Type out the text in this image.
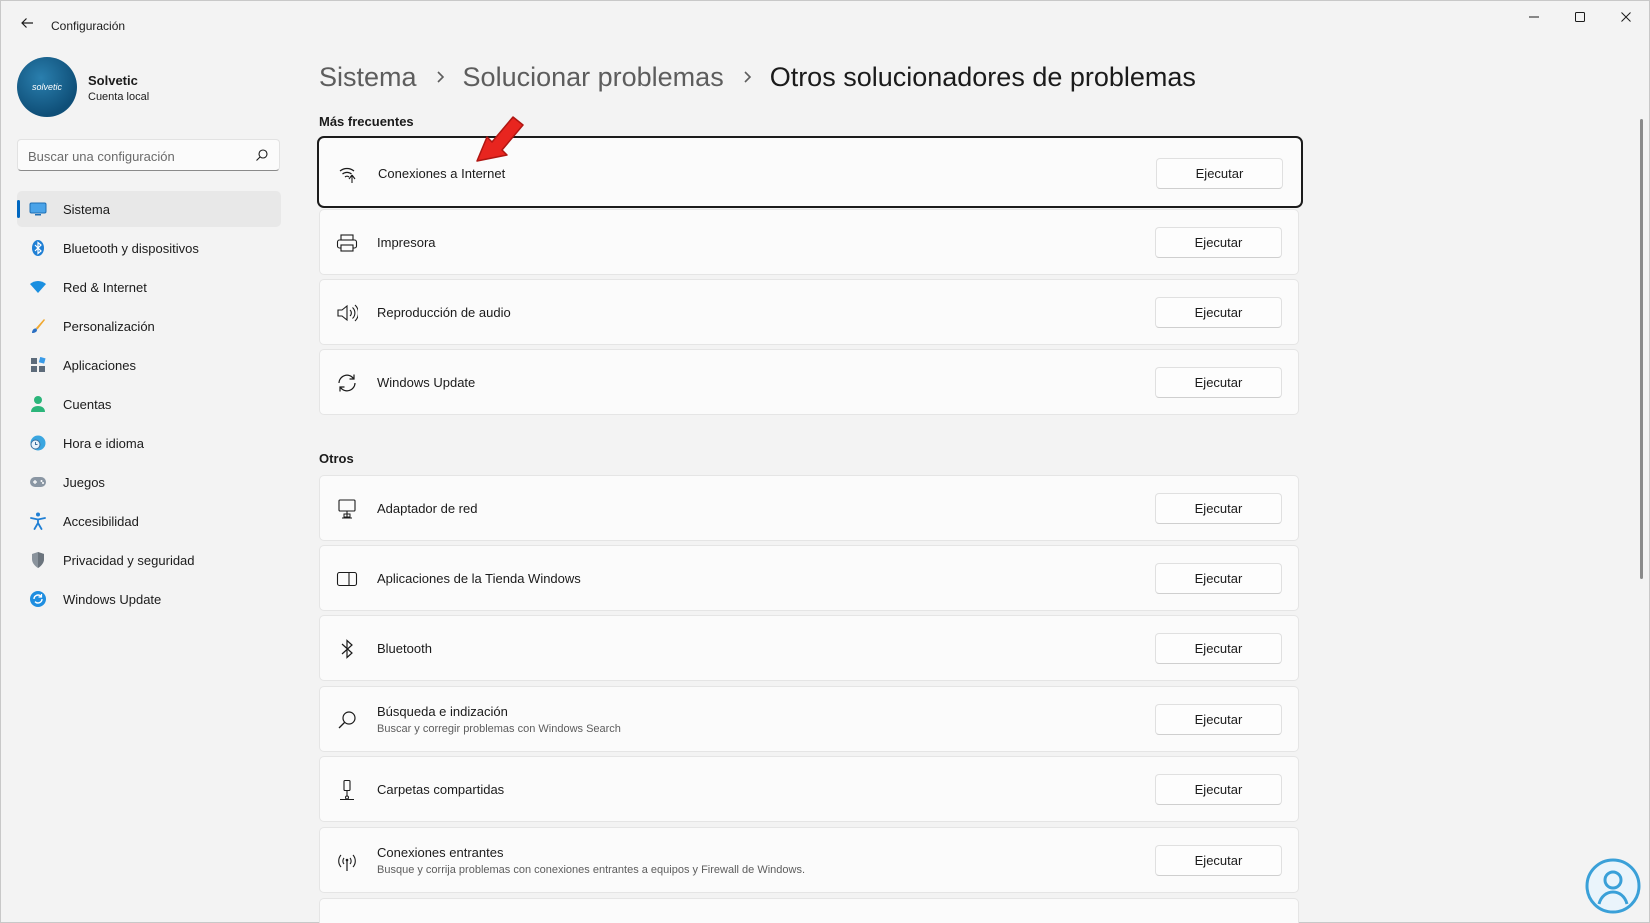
Configuración
solvetic Solvetic
Cuenta local
Buscar una configuración
Sistema
Bluetooth y dispositivos
Red & Internet
Personalización
Aplicaciones
Cuentas
Hora e idioma
Juegos
Accesibilidad
Privacidad y seguridad
Windows Update
Sistema Solucionar problemas Otros solucionadores de problemas
Más frecuentes
Conexiones a Internet	Ejecutar
Impresora	Ejecutar
Reproducción de audio	Ejecutar
Windows Update	Ejecutar
Otros
Adaptador de red	Ejecutar
Aplicaciones de la Tienda Windows	Ejecutar
Bluetooth	Ejecutar
Búsqueda e indización
Buscar y corregir problemas con Windows Search
Ejecutar
Carpetas compartidas	Ejecutar
Conexiones entrantes
Busque y corrija problemas con conexiones entrantes a equipos y Firewall de Windows.
Ejecutar
